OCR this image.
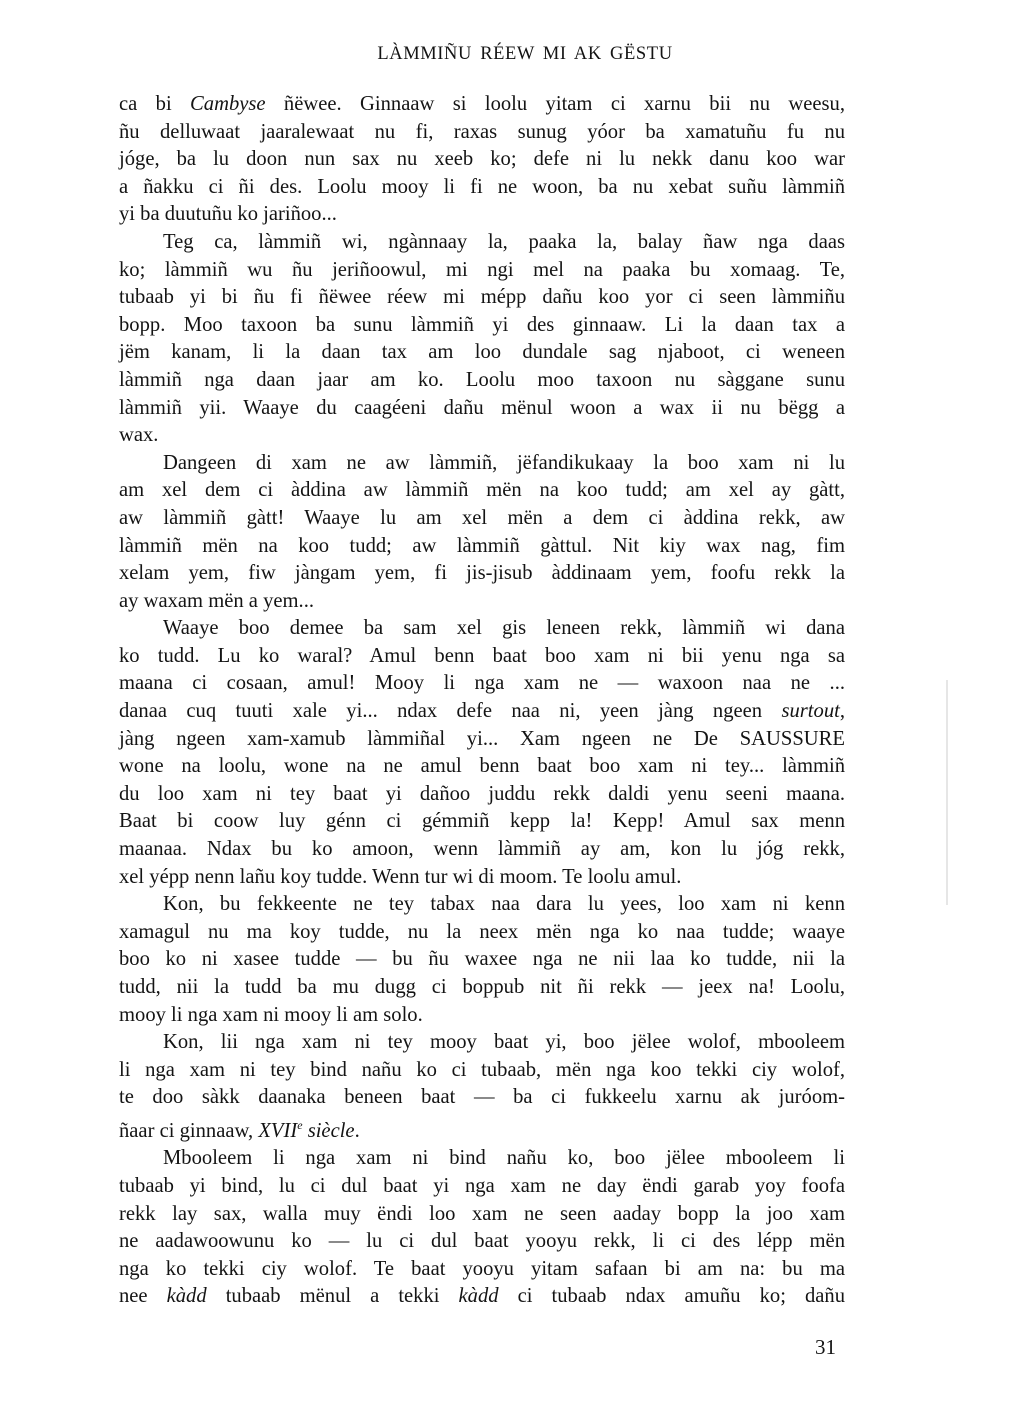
LÀMMIÑU RÉEW MI AK GËSTU
ca bi Cambyse ñëwee. Ginnaaw si loolu yitam ci xarnu bii nu weesu,
ñu delluwaat jaaralewaat nu fi, raxas sunug yóor ba xamatuñu fu nu
jóge, ba lu doon nun sax nu xeeb ko; defe ni lu nekk danu koo war
a ñakku ci ñi des. Loolu mooy li fi ne woon, ba nu xebat suñu làmmiñ
yi ba duutuñu ko jariñoo...
Teg ca, làmmiñ wi, ngànnaay la, paaka la, balay ñaw nga daas
ko; làmmiñ wu ñu jeriñoowul, mi ngi mel na paaka bu xomaag. Te,
tubaab yi bi ñu fi ñëwee réew mi mépp dañu koo yor ci seen làmmiñu
bopp. Moo taxoon ba sunu làmmiñ yi des ginnaaw. Li la daan tax a
jëm kanam, li la daan tax am loo dundale sag njaboot, ci weneen
làmmiñ nga daan jaar am ko. Loolu moo taxoon nu sàggane sunu
làmmiñ yii. Waaye du caagéeni dañu mënul woon a wax ii nu bëgg a
wax.
Dangeen di xam ne aw làmmiñ, jëfandikukaay la boo xam ni lu
am xel dem ci àddina aw làmmiñ mën na koo tudd; am xel ay gàtt,
aw làmmiñ gàtt! Waaye lu am xel mën a dem ci àddina rekk, aw
làmmiñ mën na koo tudd; aw làmmiñ gàttul. Nit kiy wax nag, fim
xelam yem, fiw jàngam yem, fi jis-jisub àddinaam yem, foofu rekk la
ay waxam mën a yem...
Waaye boo demee ba sam xel gis leneen rekk, làmmiñ wi dana
ko tudd. Lu ko waral? Amul benn baat boo xam ni bii yenu nga sa
maana ci cosaan, amul! Mooy li nga xam ne — waxoon naa ne ...
danaa cuq tuuti xale yi... ndax defe naa ni, yeen jàng ngeen surtout,
jàng ngeen xam-xamub làmmiñal yi... Xam ngeen ne De SAUSSURE
wone na loolu, wone na ne amul benn baat boo xam ni tey... làmmiñ
du loo xam ni tey baat yi dañoo juddu rekk daldi yenu seeni maana.
Baat bi coow luy génn ci gémmiñ kepp la! Kepp! Amul sax menn
maanaa. Ndax bu ko amoon, wenn làmmiñ ay am, kon lu jóg rekk,
xel yépp nenn lañu koy tudde. Wenn tur wi di moom. Te loolu amul.
Kon, bu fekkeente ne tey tabax naa dara lu yees, loo xam ni kenn
xamagul nu ma koy tudde, nu la neex mën nga ko naa tudde; waaye
boo ko ni xasee tudde — bu ñu waxee nga ne nii laa ko tudde, nii la
tudd, nii la tudd ba mu dugg ci boppub nit ñi rekk — jeex na! Loolu,
mooy li nga xam ni mooy li am solo.
Kon, lii nga xam ni tey mooy baat yi, boo jëlee wolof, mbooleem
li nga xam ni tey bind nañu ko ci tubaab, mën nga koo tekki ciy wolof,
te doo sàkk daanaka beneen baat — ba ci fukkeelu xarnu ak juróom-
ñaar ci ginnaaw, XVIIe siècle.
Mbooleem li nga xam ni bind nañu ko, boo jëlee mbooleem li
tubaab yi bind, lu ci dul baat yi nga xam ne day ëndi garab yoy foofa
rekk lay sax, walla muy ëndi loo xam ne seen aaday bopp la joo xam
ne aadawoowunu ko — lu ci dul baat yooyu rekk, li ci des lépp mën
nga ko tekki ciy wolof. Te baat yooyu yitam safaan bi am na: bu ma
nee kàdd tubaab mënul a tekki kàdd ci tubaab ndax amuñu ko; dañu
31
